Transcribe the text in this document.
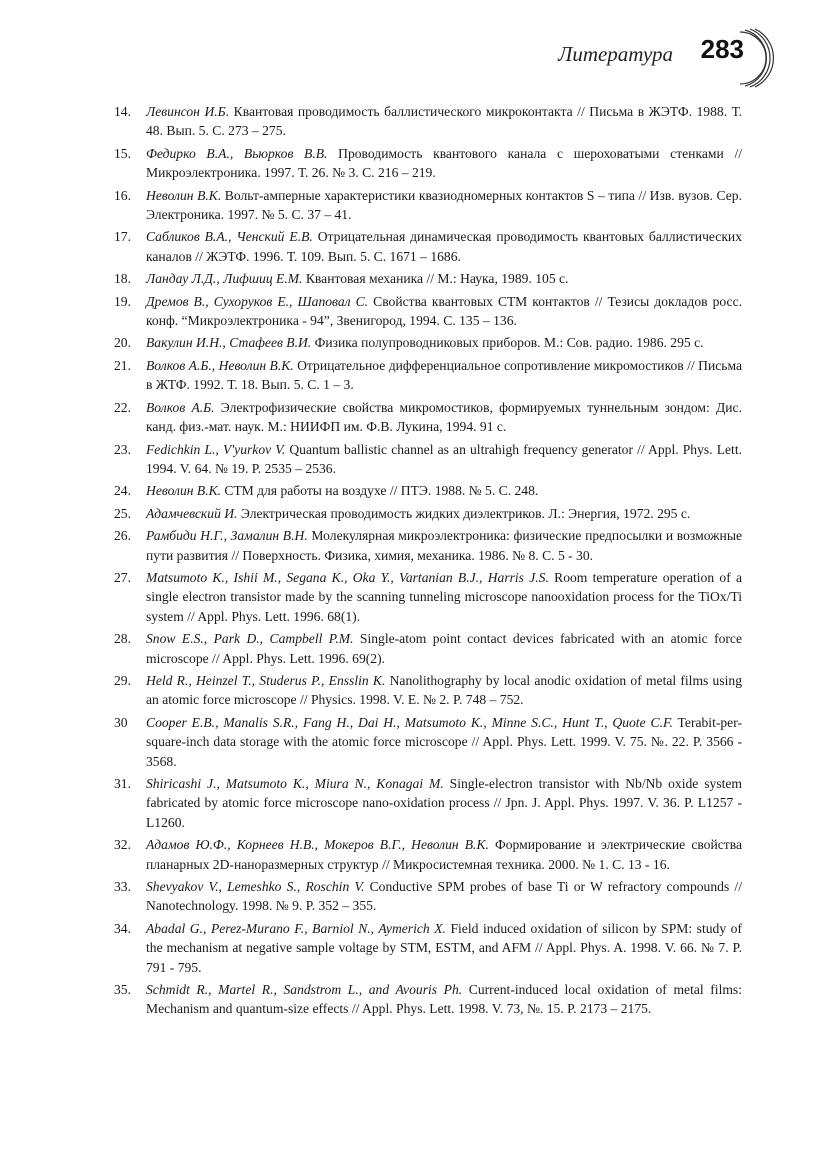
Литература 283
14.	Левинсон И.Б. Квантовая проводимость баллистического микроконтакта // Письма в ЖЭТФ. 1988. Т. 48. Вып. 5. С. 273 – 275.
15.	Федирко В.А., Вьюрков В.В. Проводимость квантового канала с шероховатыми стенками // Микроэлектроника. 1997. Т. 26. № 3. С. 216 – 219.
16.	Неволин В.К. Вольт-амперные характеристики квазиодномерных контактов S – типа // Изв. вузов. Сер. Электроника. 1997. № 5. С. 37 – 41.
17.	Сабликов В.А., Ченский Е.В. Отрицательная динамическая проводимость квантовых баллистических каналов // ЖЭТФ. 1996. Т. 109. Вып. 5. С. 1671 – 1686.
18.	Ландау Л.Д., Лифшиц Е.М. Квантовая механика // М.: Наука, 1989. 105 с.
19.	Дремов В., Сухоруков Е., Шаповал С. Свойства квантовых СТМ контактов // Тезисы докладов росс. конф. “Микроэлектроника - 94”, Звенигород, 1994. С. 135 – 136.
20.	Вакулин И.Н., Стафеев В.И. Физика полупроводниковых приборов. М.: Сов. радио. 1986. 295 с.
21.	Волков А.Б., Неволин В.К. Отрицательное дифференциальное сопротивление микромостиков // Письма в ЖТФ. 1992. Т. 18. Вып. 5. С. 1 – 3.
22.	Волков А.Б. Электрофизические свойства микромостиков, формируемых туннельным зондом: Дис. канд. физ.-мат. наук. М.: НИИФП им. Ф.В. Лукина, 1994. 91 с.
23.	Fedichkin L., V'yurkov V. Quantum ballistic channel as an ultrahigh frequency generator // Appl. Phys. Lett. 1994. V. 64. № 19. P. 2535 – 2536.
24.	Неволин В.К. СТМ для работы на воздухе // ПТЭ. 1988. № 5. С. 248.
25.	Адамчевский И. Электрическая проводимость жидких диэлектриков. Л.: Энергия, 1972. 295 с.
26.	Рамбиди Н.Г., Замалин В.Н. Молекулярная микроэлектроника: физические предпосылки и возможные пути развития // Поверхность. Физика, химия, механика. 1986. № 8. С. 5 - 30.
27.	Matsumoto K., Ishii M., Segana K., Oka Y., Vartanian B.J., Harris J.S. Room temperature operation of a single electron transistor made by the scanning tunneling microscope nanooxidation process for the TiOx/Ti system // Appl. Phys. Lett. 1996. 68(1).
28.	Snow E.S., Park D., Campbell P.M. Single-atom point contact devices fabricated with an atomic force microscope // Appl. Phys. Lett. 1996. 69(2).
29.	Held R., Heinzel T., Studerus P., Ensslin K. Nanolithography by local anodic oxidation of metal films using an atomic force microscope // Physics. 1998. V. E. № 2. P. 748 – 752.
30	Cooper E.B., Manalis S.R., Fang H., Dai H., Matsumoto K., Minne S.C., Hunt T., Quote C.F. Terabit-per-square-inch data storage with the atomic force microscope // Appl. Phys. Lett. 1999. V. 75. №. 22. P. 3566 - 3568.
31.	Shiricashi J., Matsumoto K., Miura N., Konagai M. Single-electron transistor with Nb/Nb oxide system fabricated by atomic force microscope nano-oxidation process // Jpn. J. Appl. Phys. 1997. V. 36. P. L1257 - L1260.
32.	Адамов Ю.Ф., Корнеев Н.В., Мокеров В.Г., Неволин В.К. Формирование и электрические свойства планарных 2D-наноразмерных структур // Микросистемная техника. 2000. № 1. С. 13 - 16.
33.	Shevyakov V., Lemeshko S., Roschin V. Conductive SPM probes of base Ti or W refractory compounds // Nanotechnology. 1998. № 9. P. 352 – 355.
34.	Abadal G., Perez-Murano F., Barniol N., Aymerich X. Field induced oxidation of silicon by SPM: study of the mechanism at negative sample voltage by STM, ESTM, and AFM // Appl. Phys. A. 1998. V. 66. № 7. P. 791 - 795.
35.	Schmidt R., Martel R., Sandstrom L., and Avouris Ph. Current-induced local oxidation of metal films: Mechanism and quantum-size effects // Appl. Phys. Lett. 1998. V. 73, №. 15. P. 2173 – 2175.
